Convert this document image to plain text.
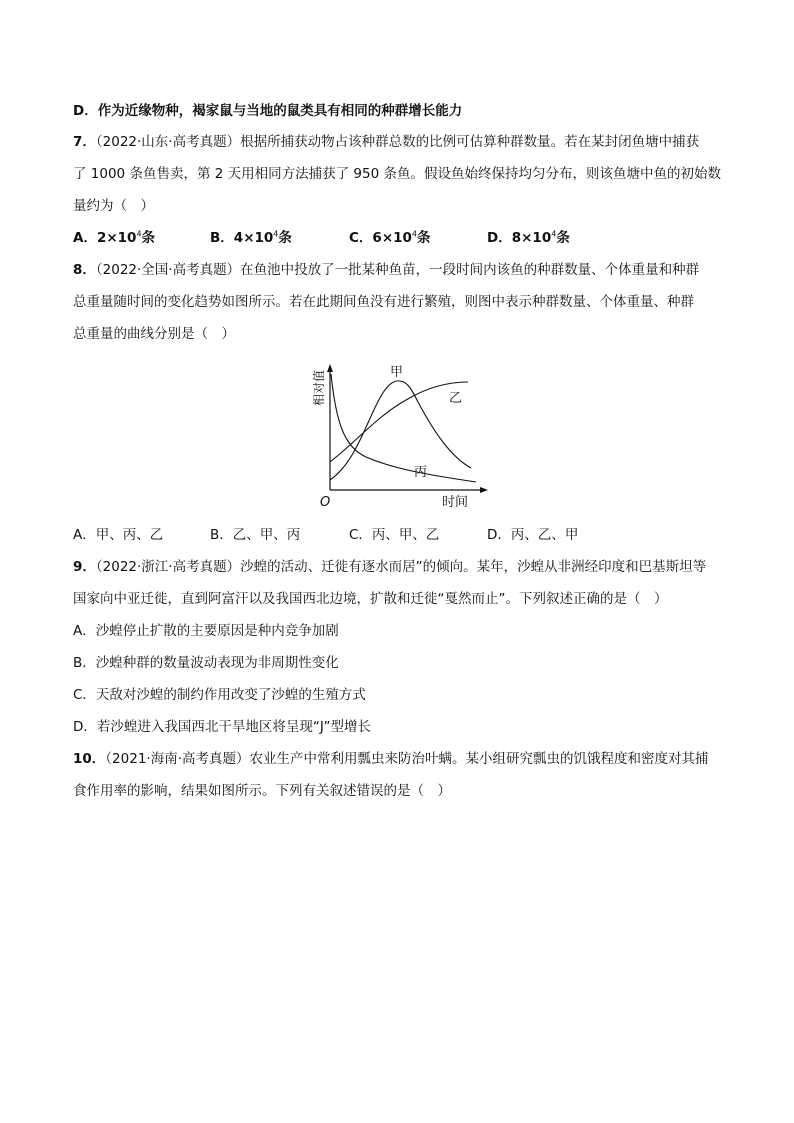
D．作为近缘物种，褐家鼠与当地的鼠类具有相同的种群增长能力
7．（2022·山东·高考真题）根据所捕获动物占该种群总数的比例可估算种群数量。若在某封闭鱼塘中捕获
了 1000 条鱼售卖，第 2 天用相同方法捕获了 950 条鱼。假设鱼始终保持均匀分布，则该鱼塘中鱼的初始数
量约为（　）
A．$2\times 10^4$条	B．$4\times 10^4$条	C．$6\times 10^4$条	D．$8\times 10^4$条
8．（2022·全国·高考真题）在鱼池中投放了一批某种鱼苗，一段时间内该鱼的种群数量、个体重量和种群
总重量随时间的变化趋势如图所示。若在此期间鱼没有进行繁殖，则图中表示种群数量、个体重量、种群
总重量的曲线分别是（　）
相对值	甲
乙
丙
O	时间
A．甲、丙、乙	B．乙、甲、丙	C．丙、甲、乙	D．丙、乙、甲
9．（2022·浙江·高考真题）沙蝗的活动、迁徙有逐水而居”的倾向。某年，沙蝗从非洲经印度和巴基斯坦等
国家向中亚迁徙，直到阿富汗以及我国西北边境，扩散和迁徙“戛然而止”。下列叙述正确的是（　）
A．沙蝗停止扩散的主要原因是种内竞争加剧
B．沙蝗种群的数量波动表现为非周期性变化
C．天敌对沙蝗的制约作用改变了沙蝗的生殖方式
D．若沙蝗进入我国西北干旱地区将呈现“J”型增长
10．（2021·海南·高考真题）农业生产中常利用瓢虫来防治叶螨。某小组研究瓢虫的饥饿程度和密度对其捕
食作用率的影响，结果如图所示。下列有关叙述错误的是（　）
